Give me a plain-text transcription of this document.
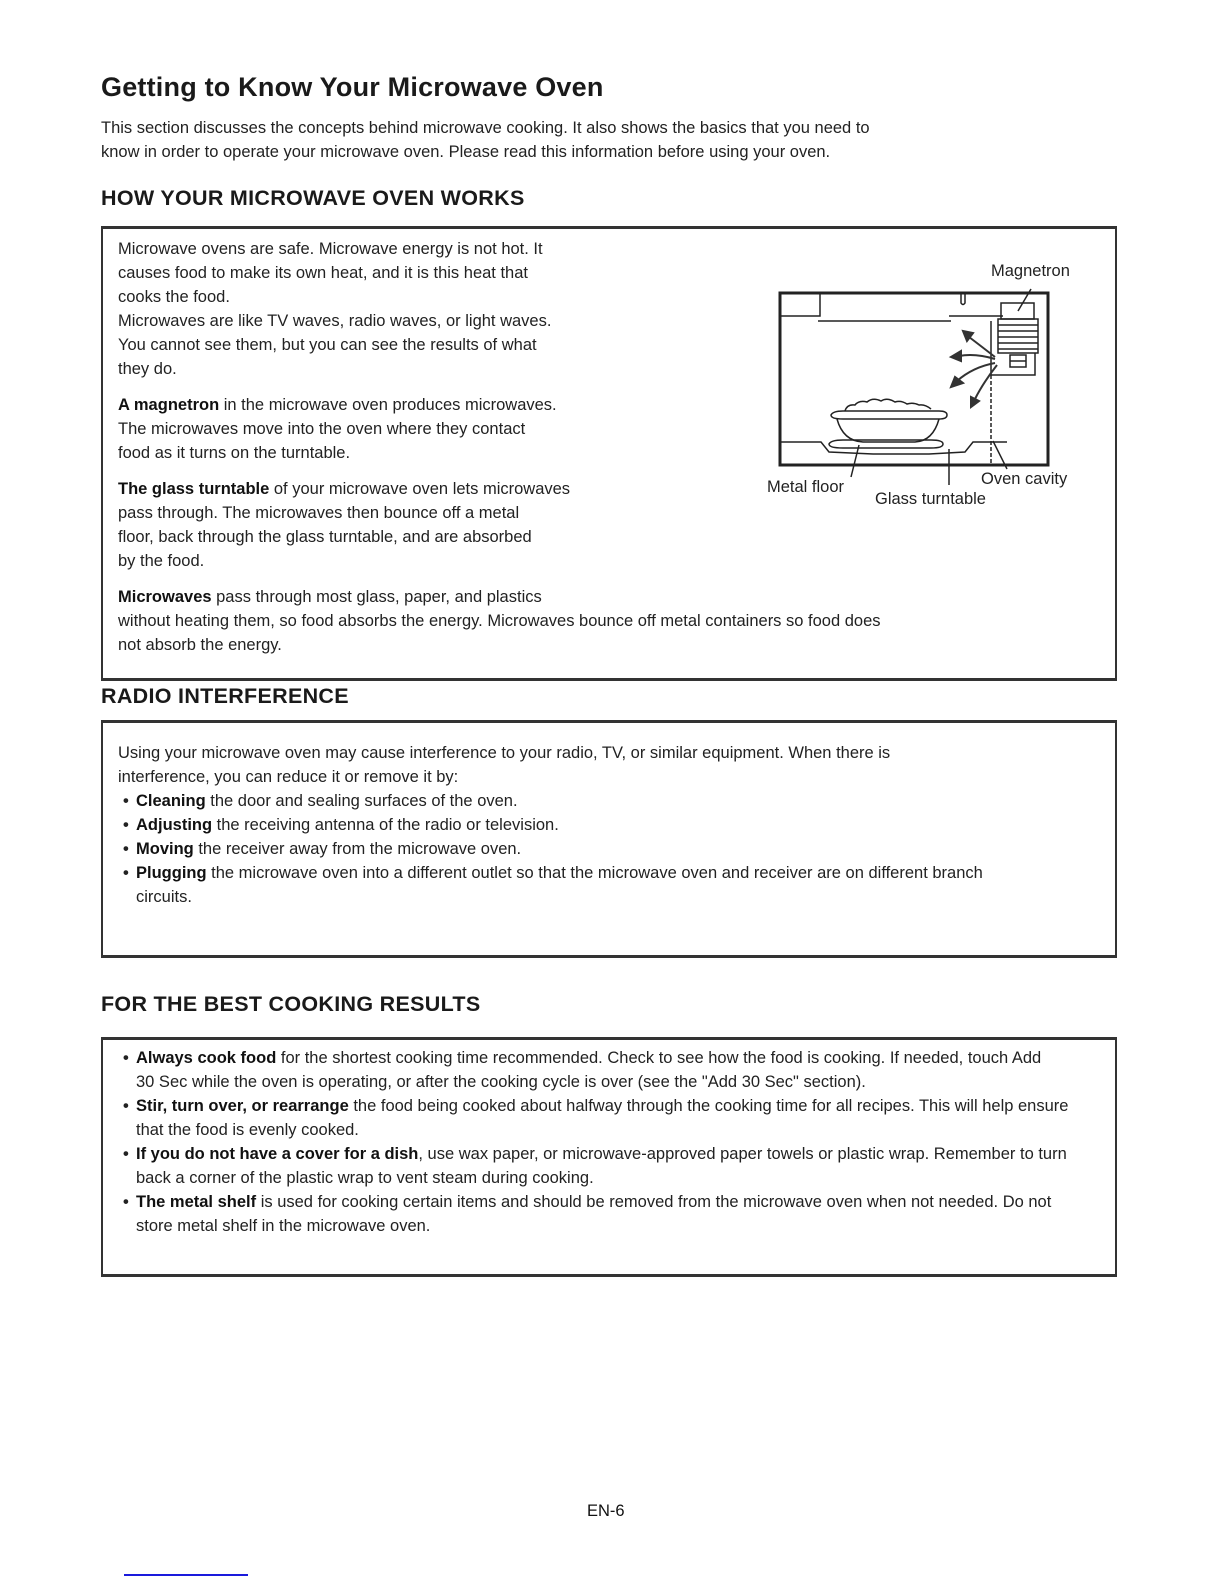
Getting to Know Your Microwave Oven

This section discusses the concepts behind microwave cooking. It also shows the basics that you need to

know in order to operate your microwave oven. Please read this information before using your oven.

HOW YOUR MICROWAVE OVEN WORKS
Microwave ovens are safe. Microwave energy is not hot. It
causes food to make its own heat, and it is this heat that
cooks the food.
Microwaves are like TV waves, radio waves, or light waves.
You cannot see them, but you can see the results of what
they do.
A magnetron in the microwave oven produces microwaves.
The microwaves move into the oven where they contact
food as it turns on the turntable.
The glass turntable of your microwave oven lets microwaves
pass through. The microwaves then bounce off a metal
floor, back through the glass turntable, and are absorbed
by the food.
Microwaves pass through most glass, paper, and plastics
without heating them, so food absorbs the energy. Microwaves bounce off metal containers so food does
not absorb the energy.
Magnetron
Metal floor
Glass turntable
Oven cavity
RADIO INTERFERENCE
Using your microwave oven may cause interference to your radio, TV, or similar equipment. When there is
interference, you can reduce it or remove it by:
• Cleaning the door and sealing surfaces of the oven.
• Adjusting the receiving antenna of the radio or television.
• Moving the receiver away from the microwave oven.
• Plugging the microwave oven into a different outlet so that the microwave oven and receiver are on different branch circuits.
FOR THE BEST COOKING RESULTS
• Always cook food for the shortest cooking time recommended. Check to see how the food is cooking. If needed, touch Add 30 Sec while the oven is operating, or after the cooking cycle is over (see the "Add 30 Sec" section).
• Stir, turn over, or rearrange the food being cooked about halfway through the cooking time for all recipes. This will help ensure that the food is evenly cooked.
• If you do not have a cover for a dish, use wax paper, or microwave-approved paper towels or plastic wrap. Remember to turn back a corner of the plastic wrap to vent steam during cooking.
• The metal shelf is used for cooking certain items and should be removed from the microwave oven when not needed. Do not store metal shelf in the microwave oven.
EN-6
